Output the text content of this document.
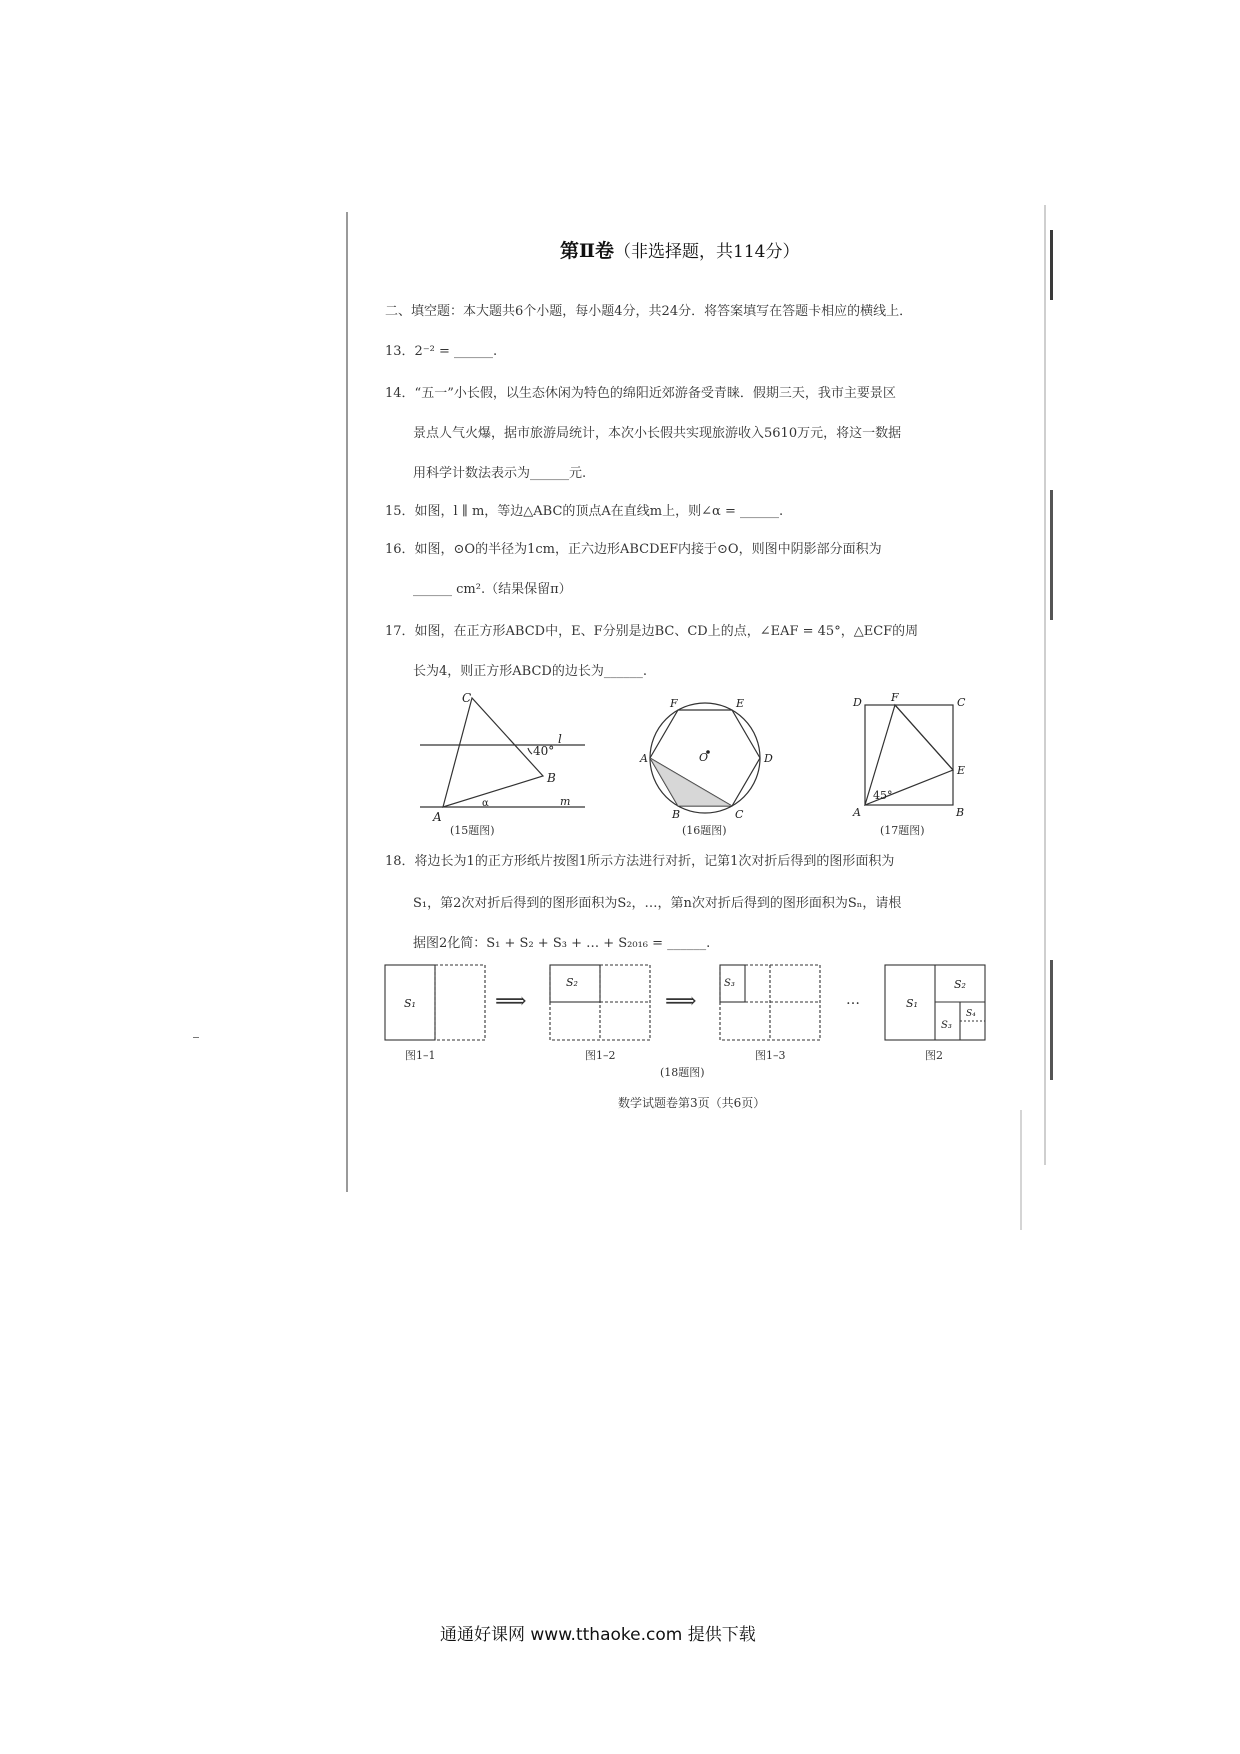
第Ⅱ卷（非选择题，共114分）
二、填空题：本大题共6个小题，每小题4分，共24分．将答案填写在答题卡相应的横线上．
13．2⁻² = ______.
14．“五一”小长假，以生态休闲为特色的绵阳近郊游备受青睐．假期三天，我市主要景区
景点人气火爆，据市旅游局统计，本次小长假共实现旅游收入5610万元，将这一数据
用科学计数法表示为______元.
15．如图，l ∥ m，等边△ABC的顶点A在直线m上，则∠α = ______.
16．如图，⊙O的半径为1cm，正六边形ABCDEF内接于⊙O，则图中阴影部分面积为
______ cm².（结果保留π）
17．如图，在正方形ABCD中，E、F分别是边BC、CD上的点，∠EAF = 45°，△ECF的周
长为4，则正方形ABCD的边长为______.
C
l
40°
B
α
A
m
F	E
O
A	D
B	C
D	F	C
E
45°
A	B
(15题图)	(16题图)	(17题图)
18．将边长为1的正方形纸片按图1所示方法进行对折，记第1次对折后得到的图形面积为
S₁，第2次对折后得到的图形面积为S₂，…，第n次对折后得到的图形面积为Sₙ，请根
据图2化简：S₁ + S₂ + S₃ + … + S₂₀₁₆ = ______.
S₁
S₂	S₃
⟹	⟹	…	S₁
S₂
S₃
S₄
图1–1	图1–2	图1–3	图2
(18题图)
数学试题卷第3页（共6页）
通通好课网 www.tthaoke.com 提供下载
